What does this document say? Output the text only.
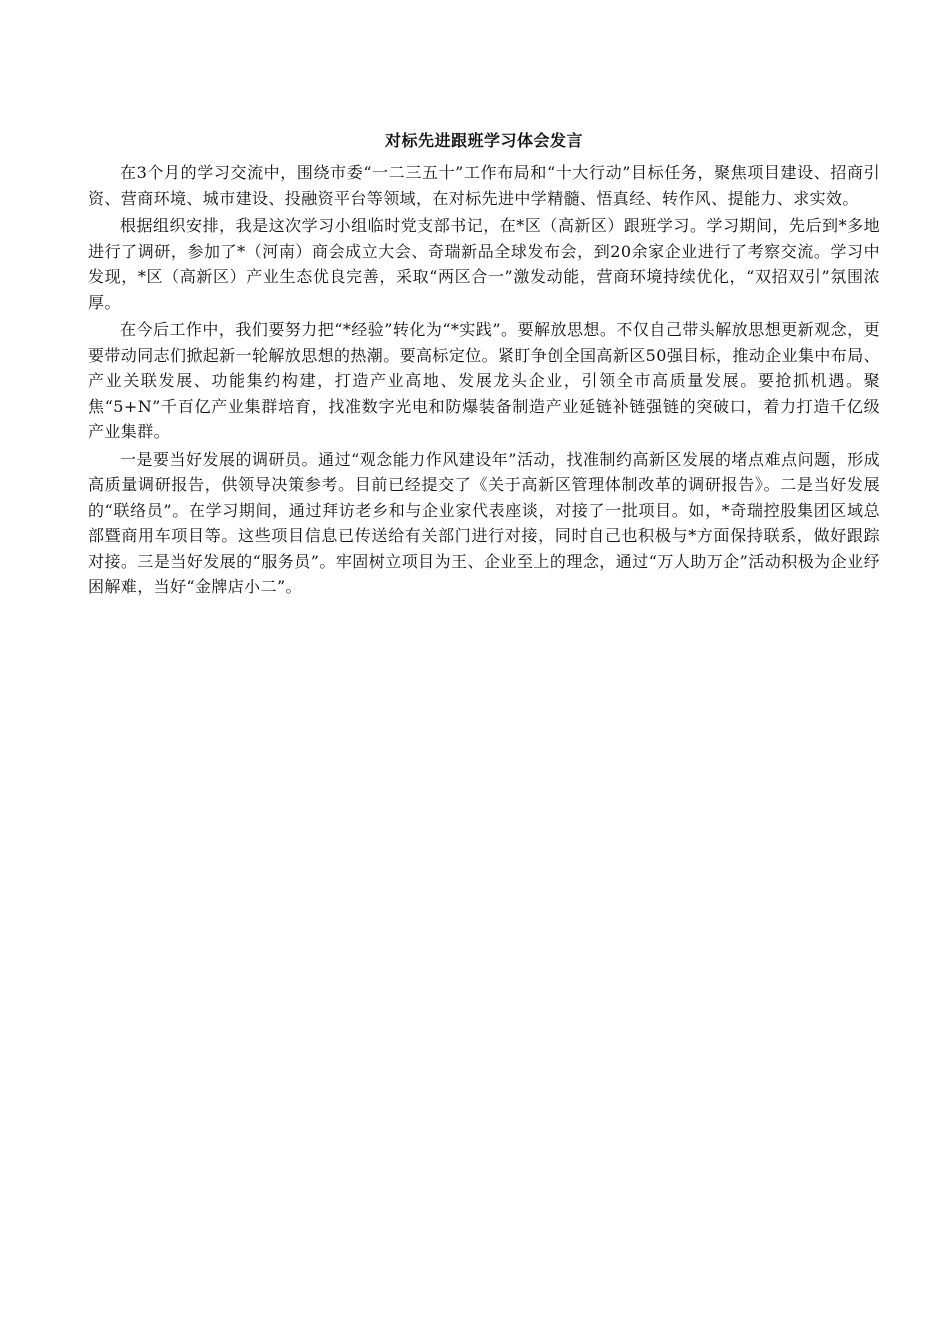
对标先进跟班学习体会发言

在3个月的学习交流中，围绕市委“一二三五十”工作布局和“十大行动”目标任务，聚焦项目建设、招商引资、营商环境、城市建设、投融资平台等领域，在对标先进中学精髓、悟真经、转作风、提能力、求实效。

根据组织安排，我是这次学习小组临时党支部书记，在*区（高新区）跟班学习。学习期间，先后到*多地进行了调研，参加了*（河南）商会成立大会、奇瑞新品全球发布会，到20余家企业进行了考察交流。学习中发现，*区（高新区）产业生态优良完善，采取“两区合一”激发动能，营商环境持续优化，“双招双引”氛围浓厚。

在今后工作中，我们要努力把“*经验”转化为“*实践”。要解放思想。不仅自己带头解放思想更新观念，更要带动同志们掀起新一轮解放思想的热潮。要高标定位。紧盯争创全国高新区50强目标，推动企业集中布局、产业关联发展、功能集约构建，打造产业高地、发展龙头企业，引领全市高质量发展。要抢抓机遇。聚焦“5+N”千百亿产业集群培育，找准数字光电和防爆装备制造产业延链补链强链的突破口，着力打造千亿级产业集群。

一是要当好发展的调研员。通过“观念能力作风建设年”活动，找准制约高新区发展的堵点难点问题，形成高质量调研报告，供领导决策参考。目前已经提交了《关于高新区管理体制改革的调研报告》。二是当好发展的“联络员”。在学习期间，通过拜访老乡和与企业家代表座谈，对接了一批项目。如，*奇瑞控股集团区域总部暨商用车项目等。这些项目信息已传送给有关部门进行对接，同时自己也积极与*方面保持联系，做好跟踪对接。三是当好发展的“服务员”。牢固树立项目为王、企业至上的理念，通过“万人助万企”活动积极为企业纾困解难，当好“金牌店小二”。
